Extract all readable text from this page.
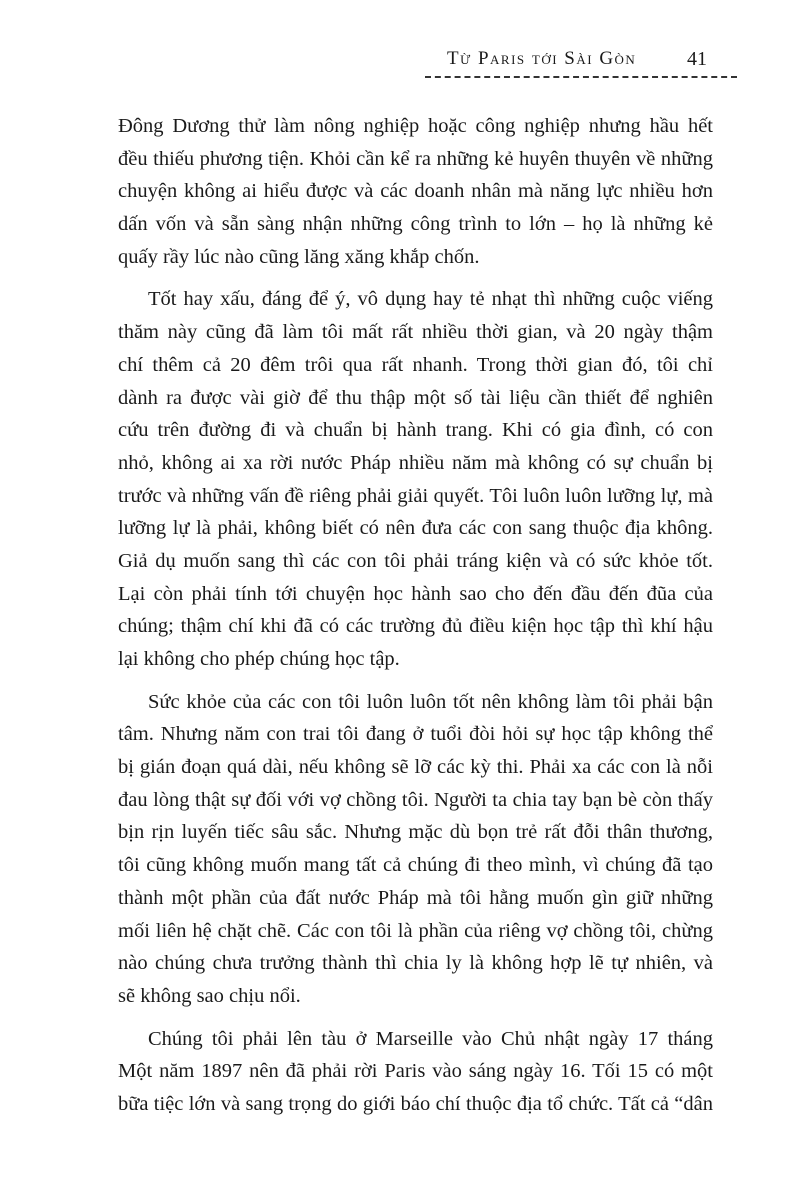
Từ Paris tới Sài Gòn	41
Đông Dương thử làm nông nghiệp hoặc công nghiệp nhưng hầu hết
đều thiếu phương tiện. Khỏi cần kể ra những kẻ huyên thuyên về những
chuyện không ai hiểu được và các doanh nhân mà năng lực nhiều hơn
dấn vốn và sẵn sàng nhận những công trình to lớn – họ là những kẻ
quấy rầy lúc nào cũng lăng xăng khắp chốn.
Tốt hay xấu, đáng để ý, vô dụng hay tẻ nhạt thì những cuộc viếng
thăm này cũng đã làm tôi mất rất nhiều thời gian, và 20 ngày thậm
chí thêm cả 20 đêm trôi qua rất nhanh. Trong thời gian đó, tôi chỉ
dành ra được vài giờ để thu thập một số tài liệu cần thiết để nghiên
cứu trên đường đi và chuẩn bị hành trang. Khi có gia đình, có con
nhỏ, không ai xa rời nước Pháp nhiều năm mà không có sự chuẩn bị
trước và những vấn đề riêng phải giải quyết. Tôi luôn luôn lưỡng lự, mà
lưỡng lự là phải, không biết có nên đưa các con sang thuộc địa không.
Giả dụ muốn sang thì các con tôi phải tráng kiện và có sức khỏe tốt.
Lại còn phải tính tới chuyện học hành sao cho đến đầu đến đũa của
chúng; thậm chí khi đã có các trường đủ điều kiện học tập thì khí hậu
lại không cho phép chúng học tập.
Sức khỏe của các con tôi luôn luôn tốt nên không làm tôi phải bận
tâm. Nhưng năm con trai tôi đang ở tuổi đòi hỏi sự học tập không thể
bị gián đoạn quá dài, nếu không sẽ lỡ các kỳ thi. Phải xa các con là nỗi
đau lòng thật sự đối với vợ chồng tôi. Người ta chia tay bạn bè còn thấy
bịn rịn luyến tiếc sâu sắc. Nhưng mặc dù bọn trẻ rất đỗi thân thương,
tôi cũng không muốn mang tất cả chúng đi theo mình, vì chúng đã tạo
thành một phần của đất nước Pháp mà tôi hằng muốn gìn giữ những
mối liên hệ chặt chẽ. Các con tôi là phần của riêng vợ chồng tôi, chừng
nào chúng chưa trưởng thành thì chia ly là không hợp lẽ tự nhiên, và
sẽ không sao chịu nổi.
Chúng tôi phải lên tàu ở Marseille vào Chủ nhật ngày 17 tháng
Một năm 1897 nên đã phải rời Paris vào sáng ngày 16. Tối 15 có một
bữa tiệc lớn và sang trọng do giới báo chí thuộc địa tổ chức. Tất cả “dân
